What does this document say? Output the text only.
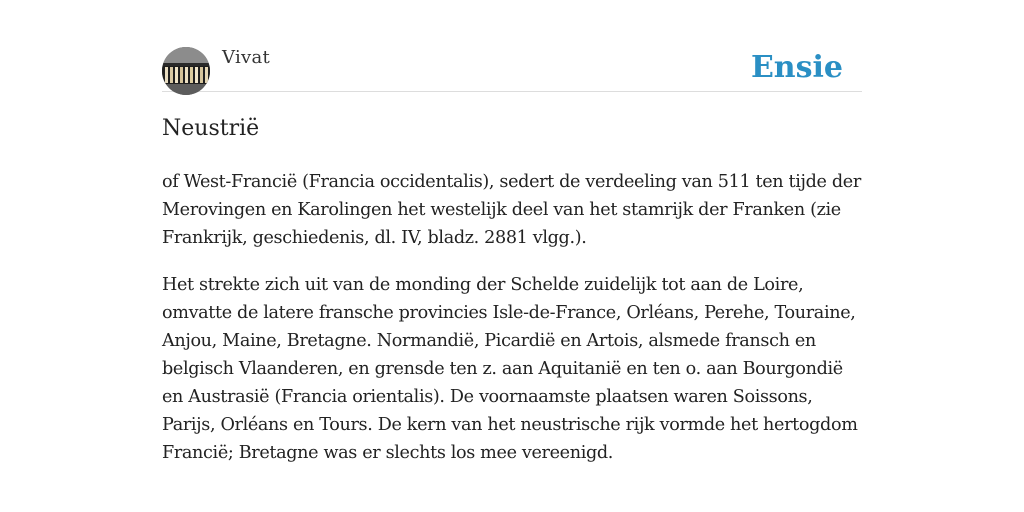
Vivat	Ensie
Neustrië

of West-Francië (Francia occidentalis), sedert de verdeeling van 511 ten tijde der Merovingen en Karolingen het westelijk deel van het stamrijk der Franken (zie Frankrijk, geschiedenis, dl. IV, bladz. 2881 vlgg.).

Het strekte zich uit van de monding der Schelde zuidelijk tot aan de Loire, omvatte de latere fransche provincies Isle-de-France, Orléans, Perehe, Touraine, Anjou, Maine, Bretagne. Normandië, Picardië en Artois, alsmede fransch en belgisch Vlaanderen, en grensde ten z. aan Aquitanië en ten o. aan Bourgondië en Austrasië (Francia orientalis). De voornaamste plaatsen waren Soissons, Parijs, Orléans en Tours. De kern van het neustrische rijk vormde het hertogdom Francië; Bretagne was er slechts los mee vereenigd.
